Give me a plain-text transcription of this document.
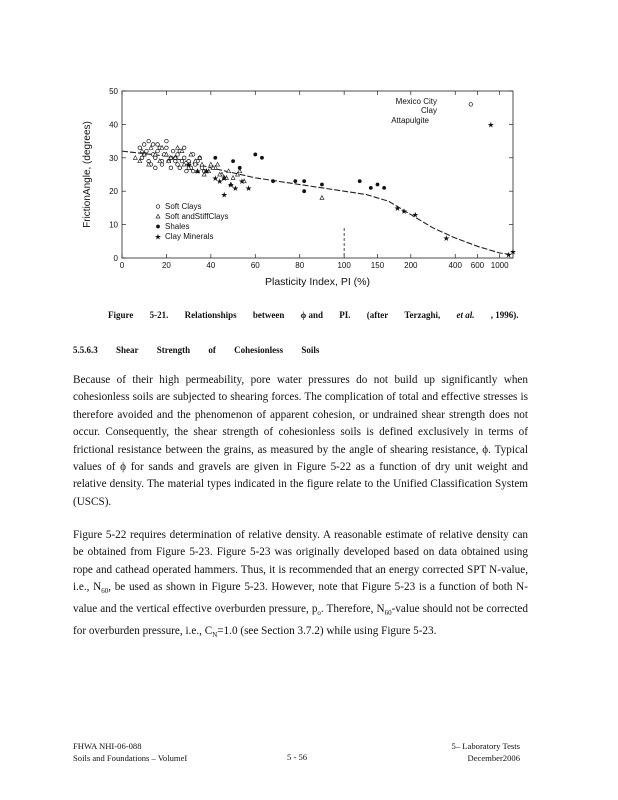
0
10
20
30
40
50
0	20	40	60	80	100 150 200	400 600 1000
Plasticity Index, PI (%)
FrictionAngle, (degrees)	★
★ ★
★
★
★
★
★
★
★
★
★ ★ ★
★
★
★
Soft Clays
Soft andStiffClays
Shales
★ Clay Minerals
Mexico City
Clay
Attapulgite	★
Figure 5-21. Relationships between ϕ and PI. (after Terzaghi, et al. , 1996).
5.5.6.3 Shear Strength of Cohesionless Soils
Because of their high permeability, pore water pressures do not build up significantly when cohesionless soils are subjected to shearing forces. The complication of total and effective stresses is therefore avoided and the phenomenon of apparent cohesion, or undrained shear strength does not occur. Consequently, the shear strength of cohesionless soils is defined exclusively in terms of frictional resistance between the grains, as measured by the angle of shearing resistance, ϕ. Typical values of ϕ for sands and gravels are given in Figure 5-22 as a function of dry unit weight and relative density. The material types indicated in the figure relate to the Unified Classification System (USCS).
Figure 5-22 requires determination of relative density. A reasonable estimate of relative density can be obtained from Figure 5-23. Figure 5-23 was originally developed based on data obtained using rope and cathead operated hammers. Thus, it is recommended that an energy corrected SPT N-value, i.e., $N_{60}$, be used as shown in Figure 5-23. However, note that Figure 5-23 is a function of both N-value and the vertical effective overburden pressure, $p_o$. Therefore, $N_{60}$-value should not be corrected for overburden pressure, i.e., $C_N=1.0$ (see Section 3.7.2) while using Figure 5-23.
FHWA NHI-06-088
Soils and Foundations – VolumeI	5 - 56
5– Laboratory Tests
December2006
